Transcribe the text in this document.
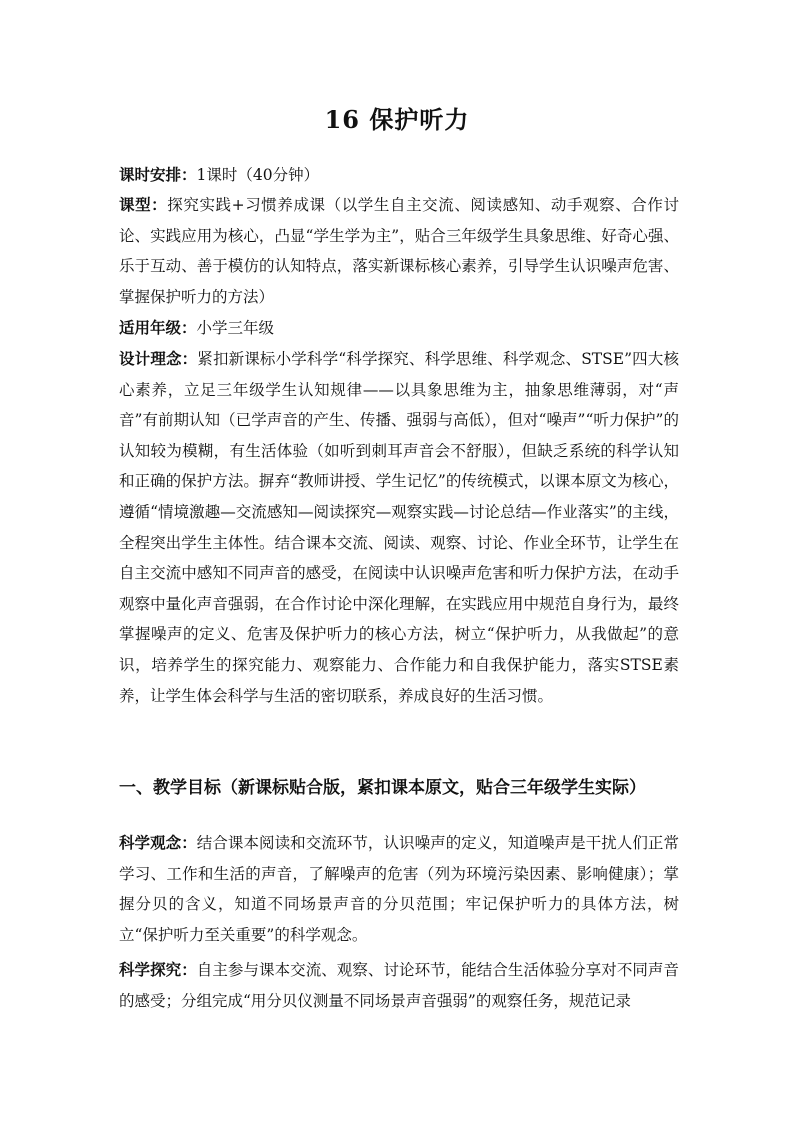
16 保护听力
课时安排：1课时（40分钟）
课型：探究实践+习惯养成课（以学生自主交流、阅读感知、动手观察、合作讨论、实践应用为核心，凸显“学生学为主”，贴合三年级学生具象思维、好奇心强、乐于互动、善于模仿的认知特点，落实新课标核心素养，引导学生认识噪声危害、掌握保护听力的方法）
适用年级：小学三年级
设计理念：紧扣新课标小学科学“科学探究、科学思维、科学观念、STSE”四大核心素养，立足三年级学生认知规律——以具象思维为主，抽象思维薄弱，对“声音”有前期认知（已学声音的产生、传播、强弱与高低），但对“噪声”“听力保护”的认知较为模糊，有生活体验（如听到刺耳声音会不舒服），但缺乏系统的科学认知和正确的保护方法。摒弃“教师讲授、学生记忆”的传统模式，以课本原文为核心，遵循“情境激趣—交流感知—阅读探究—观察实践—讨论总结—作业落实”的主线，全程突出学生主体性。结合课本交流、阅读、观察、讨论、作业全环节，让学生在自主交流中感知不同声音的感受，在阅读中认识噪声危害和听力保护方法，在动手观察中量化声音强弱，在合作讨论中深化理解，在实践应用中规范自身行为，最终掌握噪声的定义、危害及保护听力的核心方法，树立“保护听力，从我做起”的意识，培养学生的探究能力、观察能力、合作能力和自我保护能力，落实STSE素养，让学生体会科学与生活的密切联系，养成良好的生活习惯。
一、教学目标（新课标贴合版，紧扣课本原文，贴合三年级学生实际）
科学观念：结合课本阅读和交流环节，认识噪声的定义，知道噪声是干扰人们正常学习、工作和生活的声音，了解噪声的危害（列为环境污染因素、影响健康）；掌握分贝的含义，知道不同场景声音的分贝范围；牢记保护听力的具体方法，树立“保护听力至关重要”的科学观念。
科学探究：自主参与课本交流、观察、讨论环节，能结合生活体验分享对不同声音的感受；分组完成“用分贝仪测量不同场景声音强弱”的观察任务，规范记录
